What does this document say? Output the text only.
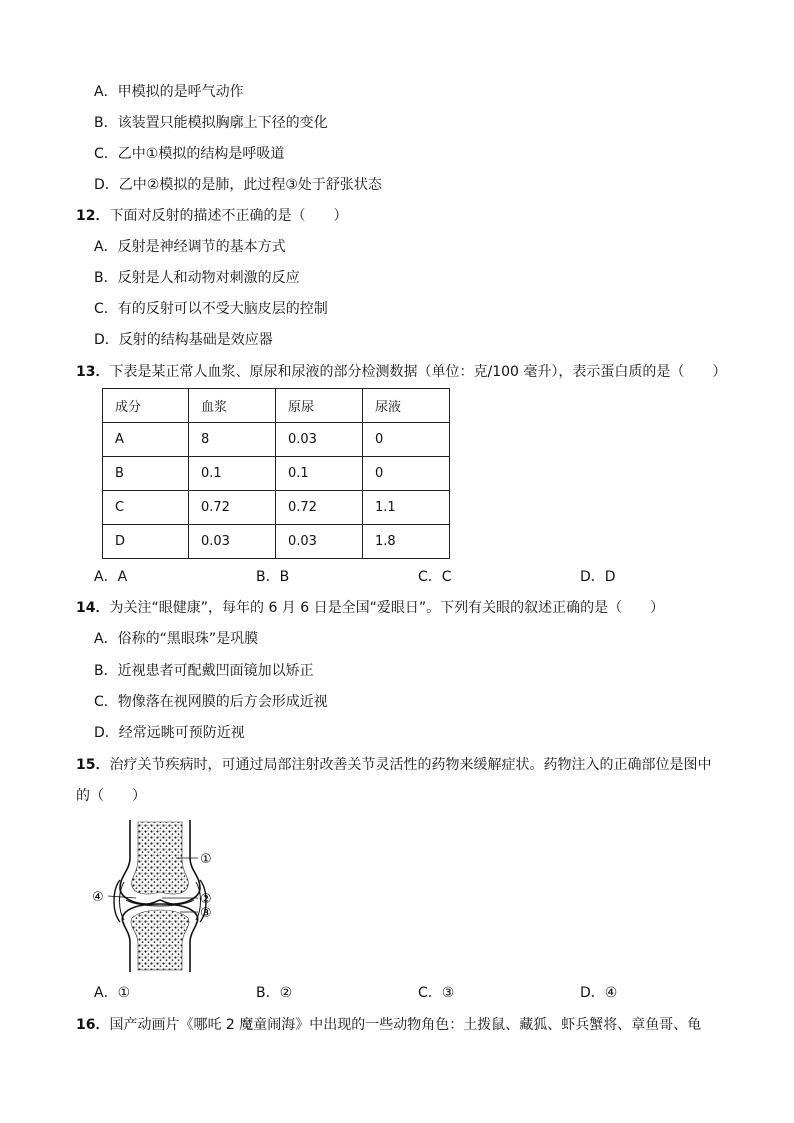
A．甲模拟的是呼气动作
B．该装置只能模拟胸廓上下径的变化
C．乙中①模拟的结构是呼吸道
D．乙中②模拟的是肺，此过程③处于舒张状态
12．下面对反射的描述不正确的是（　　）
A．反射是神经调节的基本方式
B．反射是人和动物对刺激的反应
C．有的反射可以不受大脑皮层的控制
D．反射的结构基础是效应器
13．下表是某正常人血浆、原尿和尿液的部分检测数据（单位：克/100 毫升），表示蛋白质的是（　　）
成分	血浆	原尿	尿液
A	8	0.03	0
B	0.1	0.1	0
C	0.72	0.72	1.1
D	0.03	0.03	1.8
A．A	B．B	C．C	D．D
14．为关注“眼健康”，每年的 6 月 6 日是全国“爱眼日”。下列有关眼的叙述正确的是（　　）
A．俗称的“黑眼珠”是巩膜
B．近视患者可配戴凹面镜加以矫正
C．物像落在视网膜的后方会形成近视
D．经常远眺可预防近视
15．治疗关节疾病时，可通过局部注射改善关节灵活性的药物来缓解症状。药物注入的正确部位是图中
的（　　）
①
②
③
④
A．①	B．②	C．③	D．④
16．国产动画片《哪吒 2 魔童闹海》中出现的一些动物角色：土拨鼠、藏狐、虾兵蟹将、章鱼哥、龟
